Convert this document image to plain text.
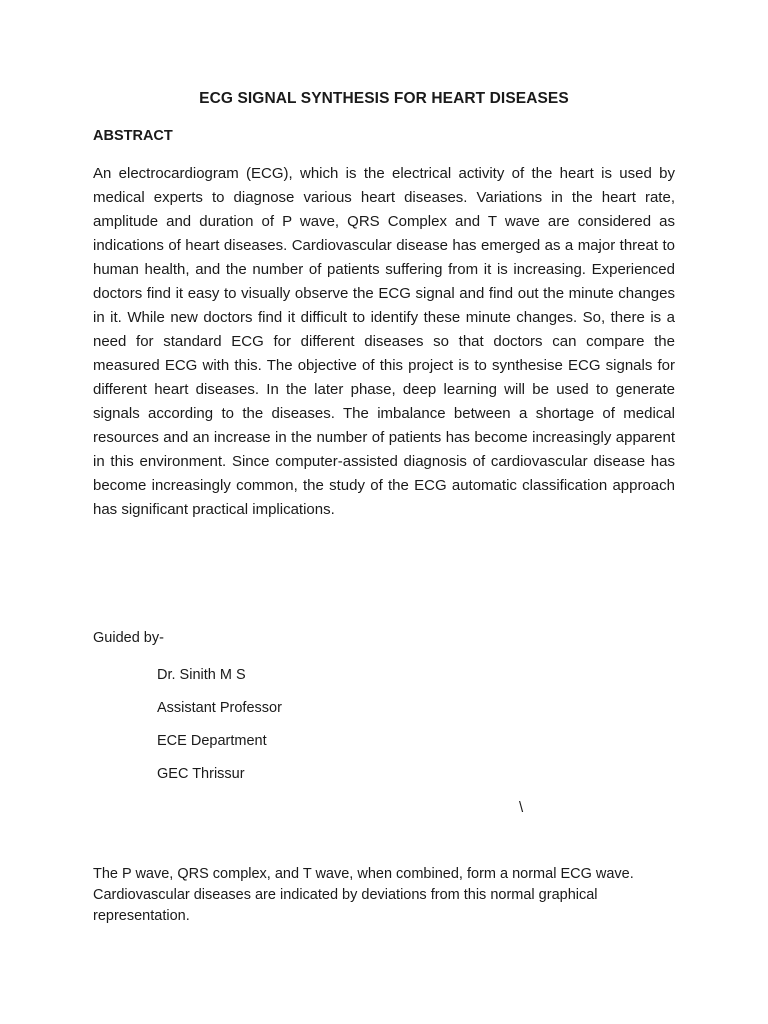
ECG SIGNAL SYNTHESIS FOR HEART DISEASES
ABSTRACT

An electrocardiogram (ECG), which is the electrical activity of the heart is used by medical experts to diagnose various heart diseases. Variations in the heart rate, amplitude and duration of P wave, QRS Complex and T wave are considered as indications of heart diseases. Cardiovascular disease has emerged as a major threat to human health, and the number of patients suffering from it is increasing. Experienced doctors find it easy to visually observe the ECG signal and find out the minute changes in it. While new doctors find it difficult to identify these minute changes. So, there is a need for standard ECG for different diseases so that doctors can compare the measured ECG with this. The objective of this project is to synthesise ECG signals for different heart diseases. In the later phase, deep learning will be used to generate signals according to the diseases. The imbalance between a shortage of medical resources and an increase in the number of patients has become increasingly apparent in this environment. Since computer-assisted diagnosis of cardiovascular disease has become increasingly common, the study of the ECG automatic classification approach has significant practical implications.

Guided by-
Dr. Sinith M S
Assistant Professor
ECE Department
GEC Thrissur
\

The P wave, QRS complex, and T wave, when combined, form a normal ECG wave. Cardiovascular diseases are indicated by deviations from this normal graphical representation.
